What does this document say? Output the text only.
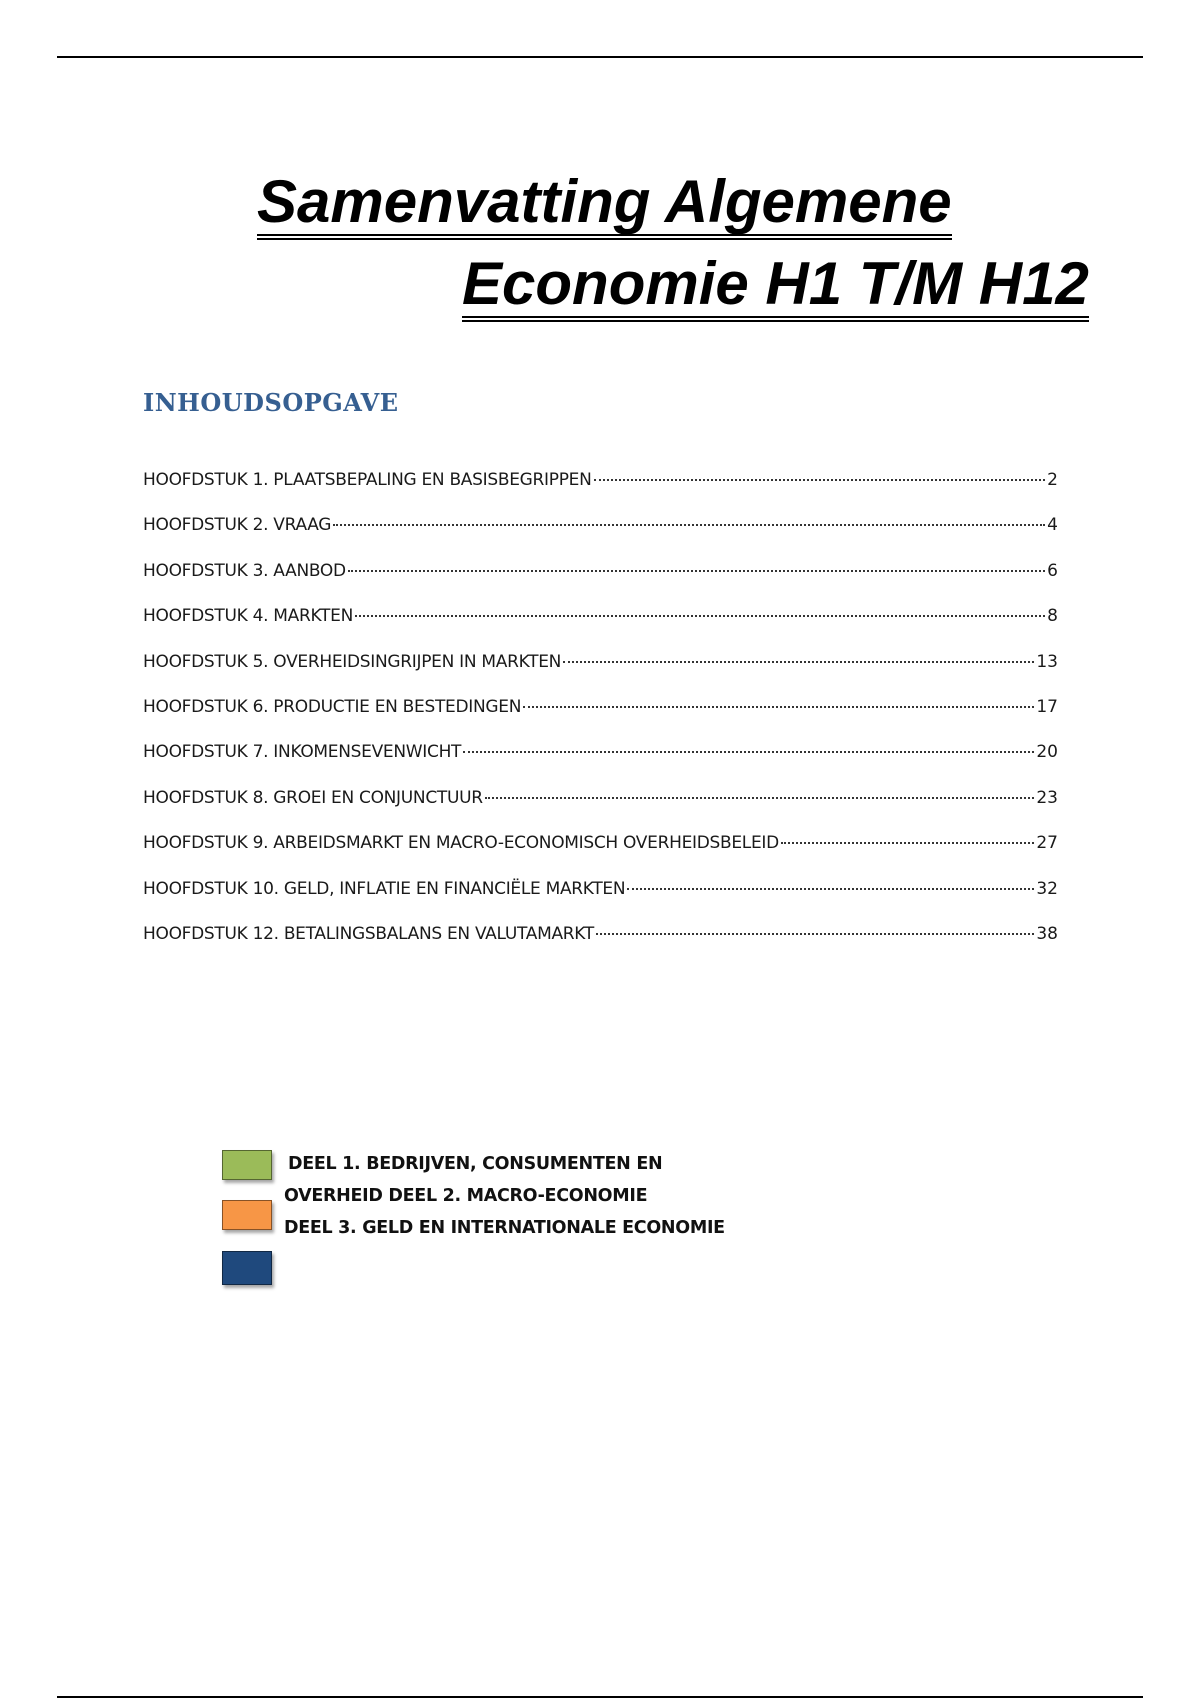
Samenvatting Algemene
Economie H1 T/M H12
INHOUDSOPGAVE
HOOFDSTUK 1. PLAATSBEPALING EN BASISBEGRIPPEN	2
HOOFDSTUK 2. VRAAG	4
HOOFDSTUK 3. AANBOD	6
HOOFDSTUK 4. MARKTEN	8
HOOFDSTUK 5. OVERHEIDSINGRIJPEN IN MARKTEN	13
HOOFDSTUK 6. PRODUCTIE EN BESTEDINGEN	17
HOOFDSTUK 7. INKOMENSEVENWICHT	20
HOOFDSTUK 8. GROEI EN CONJUNCTUUR	23
HOOFDSTUK 9. ARBEIDSMARKT EN MACRO-ECONOMISCH OVERHEIDSBELEID	27
HOOFDSTUK 10. GELD, INFLATIE EN FINANCIËLE MARKTEN	32
HOOFDSTUK 12. BETALINGSBALANS EN VALUTAMARKT	38
DEEL 1. BEDRIJVEN, CONSUMENTEN EN
OVERHEID DEEL 2. MACRO-ECONOMIE
DEEL 3. GELD EN INTERNATIONALE ECONOMIE
